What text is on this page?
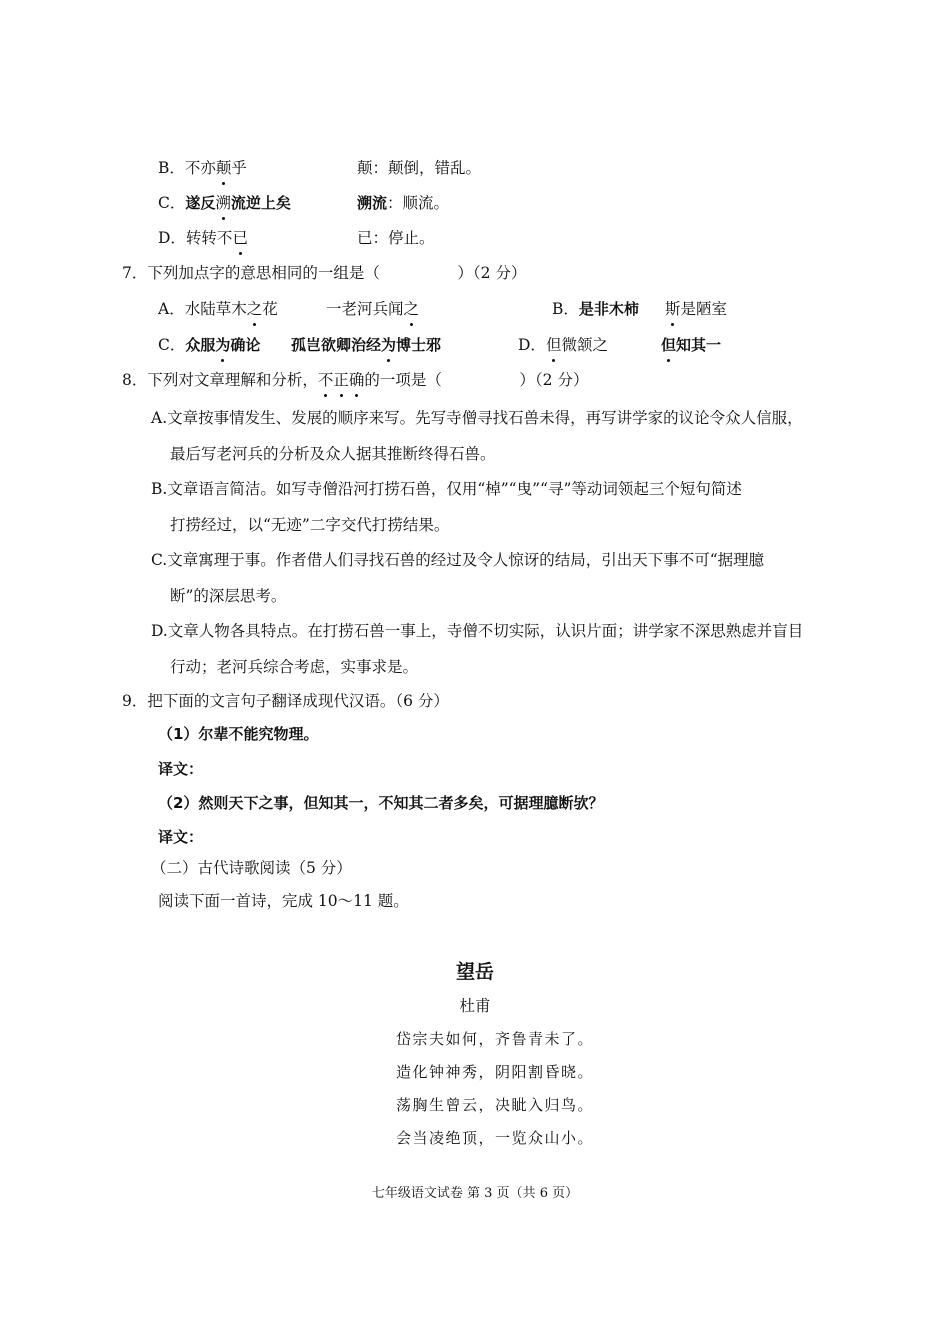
B．不亦颠乎	颠：颠倒，错乱。
C．遂反溯流逆上矣	溯流：顺流。
D．转转不已	已：停止。
7．下列加点字的意思相同的一组是（　　　　　）（2 分）
A．水陆草木之花	一老河兵闻之	B．是非木柿 斯是陋室
C．众服为确论 孤岂欲卿治经为博士邪	D．但微颔之	但知其一
8．下列对文章理解和分析，不正确的一项是（　　　　　）（2 分）
A.文章按事情发生、发展的顺序来写。先写寺僧寻找石兽未得，再写讲学家的议论令众人信服，
最后写老河兵的分析及众人据其推断终得石兽。
B.文章语言简洁。如写寺僧沿河打捞石兽，仅用“棹”“曳”“寻”等动词领起三个短句简述
打捞经过，以“无迹”二字交代打捞结果。
C.文章寓理于事。作者借人们寻找石兽的经过及令人惊讶的结局，引出天下事不可“据理臆
断”的深层思考。
D.文章人物各具特点。在打捞石兽一事上，寺僧不切实际，认识片面；讲学家不深思熟虑并盲目
行动；老河兵综合考虑，实事求是。
9．把下面的文言句子翻译成现代汉语。（6 分）
（1）尔辈不能究物理。
译文：
（2）然则天下之事，但知其一，不知其二者多矣，可据理臆断欤？
译文：
（二）古代诗歌阅读（5 分）
阅读下面一首诗，完成 10～11 题。
望岳
杜甫
岱宗夫如何，齐鲁青未了。
造化钟神秀，阴阳割昏晓。
荡胸生曾云，决眦入归鸟。
会当凌绝顶，一览众山小。
七年级语文试卷 第 3 页（共 6 页）
